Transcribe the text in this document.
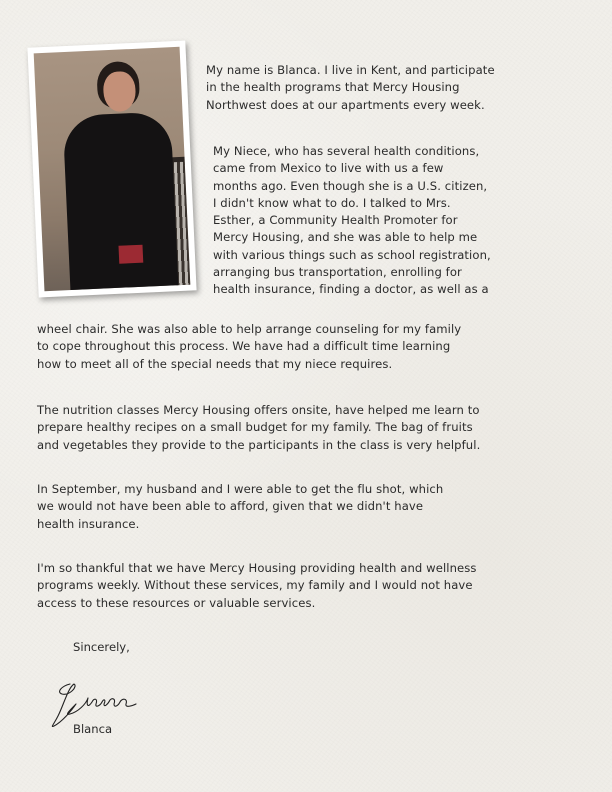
My name is Blanca. I live in Kent, and participate
in the health programs that Mercy Housing
Northwest does at our apartments every week.
My Niece, who has several health conditions,
came from Mexico to live with us a few
months ago. Even though she is a U.S. citizen,
I didn't know what to do. I talked to Mrs.
Esther, a Community Health Promoter for
Mercy Housing, and she was able to help me
with various things such as school registration,
arranging bus transportation, enrolling for
health insurance, finding a doctor, as well as a
wheel chair. She was also able to help arrange counseling for my family
to cope throughout this process. We have had a difficult time learning
how to meet all of the special needs that my niece requires.
The nutrition classes Mercy Housing offers onsite, have helped me learn to
prepare healthy recipes on a small budget for my family. The bag of fruits
and vegetables they provide to the participants in the class is very helpful.
In September, my husband and I were able to get the flu shot, which
we would not have been able to afford, given that we didn't have
health insurance.
I'm so thankful that we have Mercy Housing providing health and wellness
programs weekly. Without these services, my family and I would not have
access to these resources or valuable services.
Sincerely,
Blanca
